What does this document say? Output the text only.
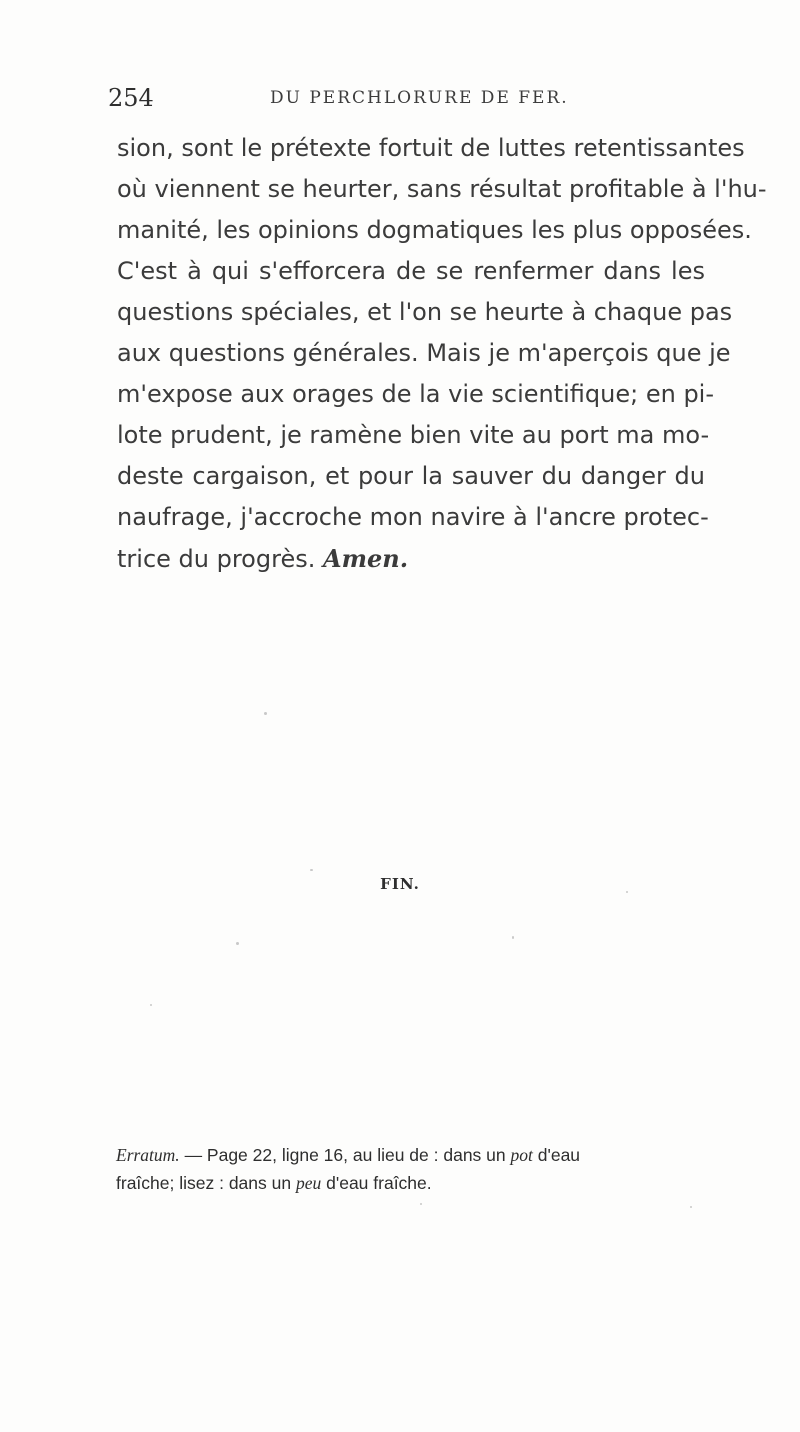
254	DU PERCHLORURE DE FER.
sion, sont le prétexte fortuit de luttes retentissantes
où viennent se heurter, sans résultat profitable à l'hu-
manité, les opinions dogmatiques les plus opposées.
C'est à qui s'efforcera de se renfermer dans les
questions spéciales, et l'on se heurte à chaque pas
aux questions générales. Mais je m'aperçois que je
m'expose aux orages de la vie scientifique; en pi-
lote prudent, je ramène bien vite au port ma mo-
deste cargaison, et pour la sauver du danger du
naufrage, j'accroche mon navire à l'ancre protec-
trice du progrès. Amen.
FIN.
Erratum. — Page 22, ligne 16, au lieu de : dans un pot d'eau
fraîche; lisez : dans un peu d'eau fraîche.
